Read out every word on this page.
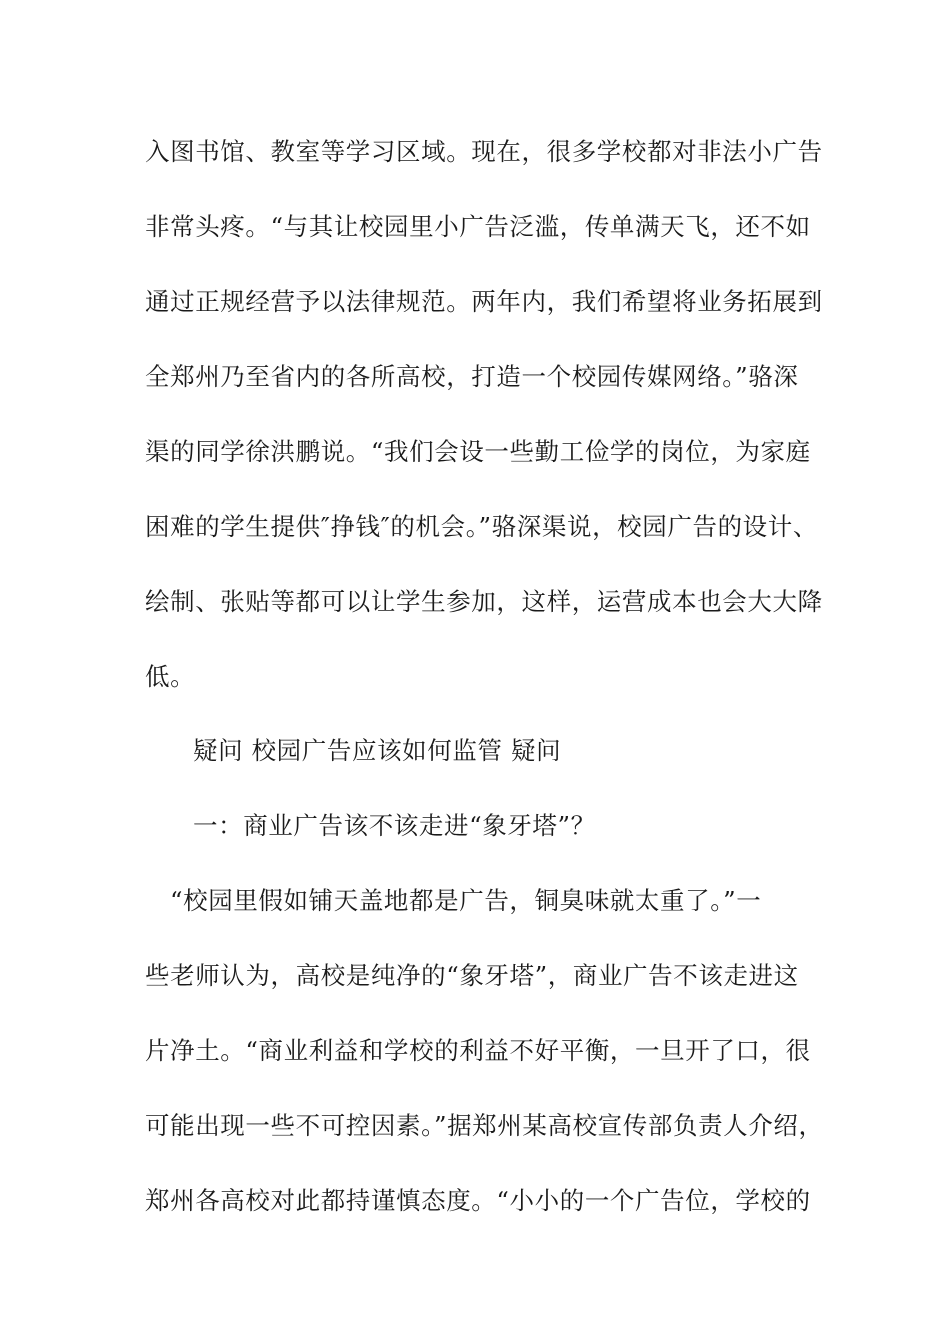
入图书馆、教室等学习区域。现在，很多学校都对非法小广告
非常头疼。“与其让校园里小广告泛滥，传单满天飞，还不如
通过正规经营予以法律规范。两年内，我们希望将业务拓展到
全郑州乃至省内的各所高校，打造一个校园传媒网络。”骆深
渠的同学徐洪鹏说。“我们会设一些勤工俭学的岗位，为家庭
困难的学生提供″挣钱″的机会。”骆深渠说，校园广告的设计、
绘制、张贴等都可以让学生参加，这样，运营成本也会大大降
低。
疑问 校园广告应该如何监管 疑问
一：商业广告该不该走进“象牙塔”？
“校园里假如铺天盖地都是广告，铜臭味就太重了。”一
些老师认为，高校是纯净的“象牙塔”，商业广告不该走进这
片净土。“商业利益和学校的利益不好平衡，一旦开了口，很
可能出现一些不可控因素。”据郑州某高校宣传部负责人介绍，
郑州各高校对此都持谨慎态度。“小小的一个广告位，学校的
